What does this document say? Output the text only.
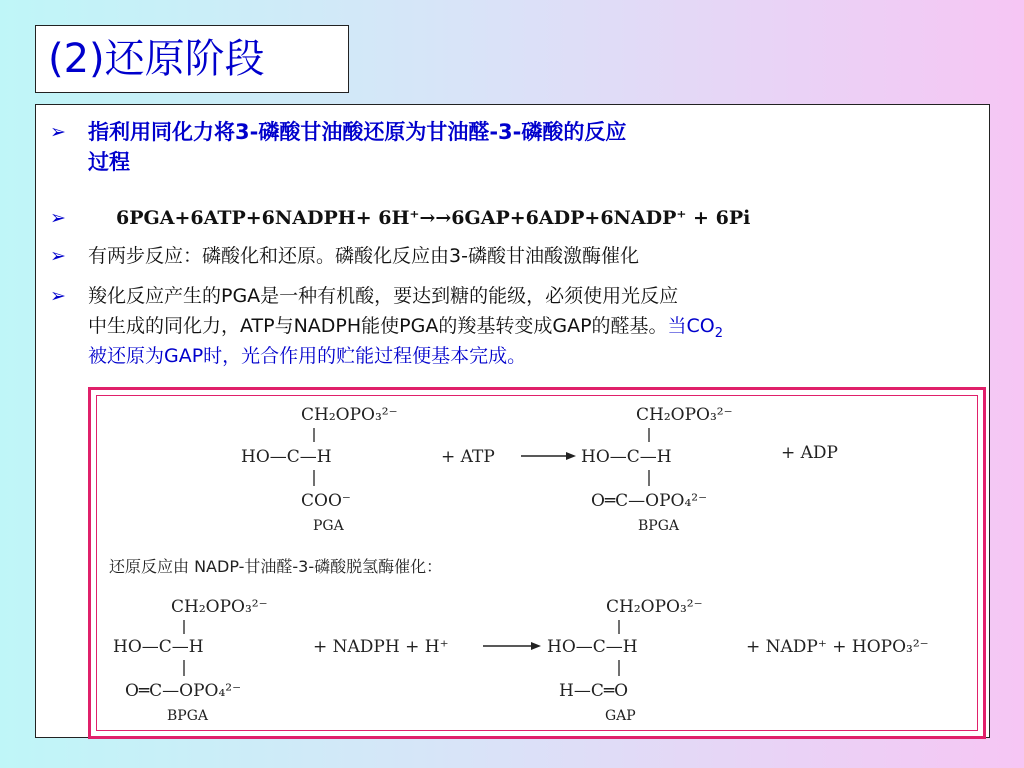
(2)还原阶段
➢ 指利用同化力将3-磷酸甘油酸还原为甘油醛-3-磷酸的反应
过程
➢	6PGA+6ATP+6NADPH+ 6H⁺→→6GAP+6ADP+6NADP⁺ + 6Pi
➢ 有两步反应：磷酸化和还原。磷酸化反应由3-磷酸甘油酸激酶催化
➢ 羧化反应产生的PGA是一种有机酸，要达到糖的能级，必须使用光反应
中生成的同化力，ATP与NADPH能使PGA的羧基转变成GAP的醛基。当$CO_2$
被还原为GAP时，光合作用的贮能过程便基本完成。
CH₂OPO₃²⁻
HO—C—H
COO⁻
PGA
+ ATP
CH₂OPO₃²⁻
HO—C—H
O═C—OPO₄²⁻
BPGA
+ ADP
还原反应由 NADP-甘油醛-3-磷酸脱氢酶催化：
CH₂OPO₃²⁻
HO—C—H
O═C—OPO₄²⁻
BPGA
+ NADPH + H⁺
CH₂OPO₃²⁻
HO—C—H
H—C═O
GAP
+ NADP⁺ + HOPO₃²⁻
